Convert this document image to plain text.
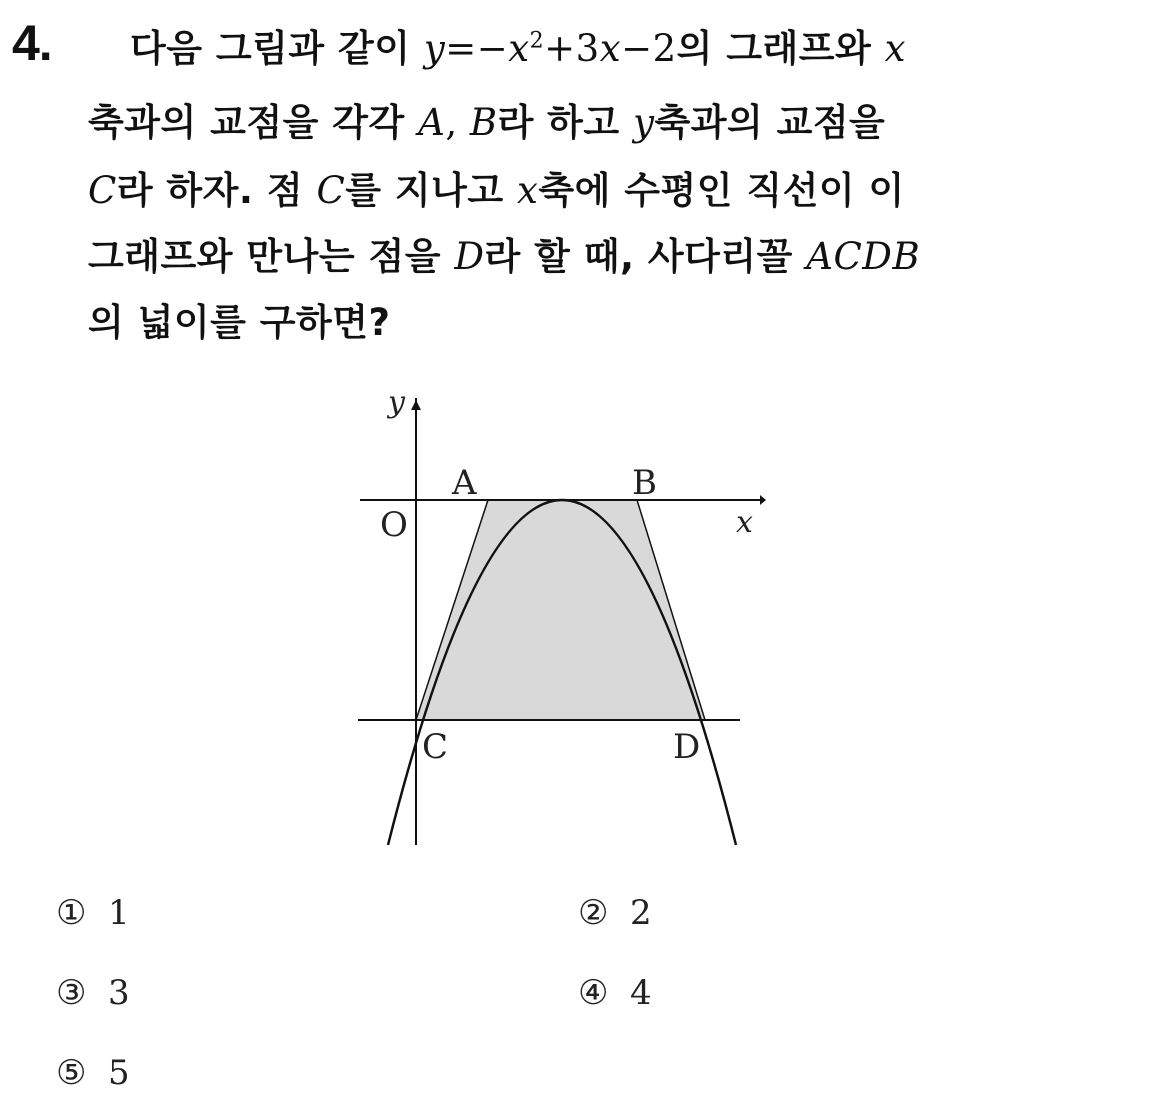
4. 다음 그림과 같이 $y=-x^2+3x-2$의 그래프와 x
축과의 교점을 각각 A, B라 하고 y축과의 교점을
C라 하자. 점 C를 지나고 x축에 수평인 직선이 이
그래프와 만나는 점을 D라 할 때, 사다리꼴 ACDB
의 넓이를 구하면?
y
x
O
A	B
C	D
① 1	② 2
③ 3	④ 4
⑤ 5
